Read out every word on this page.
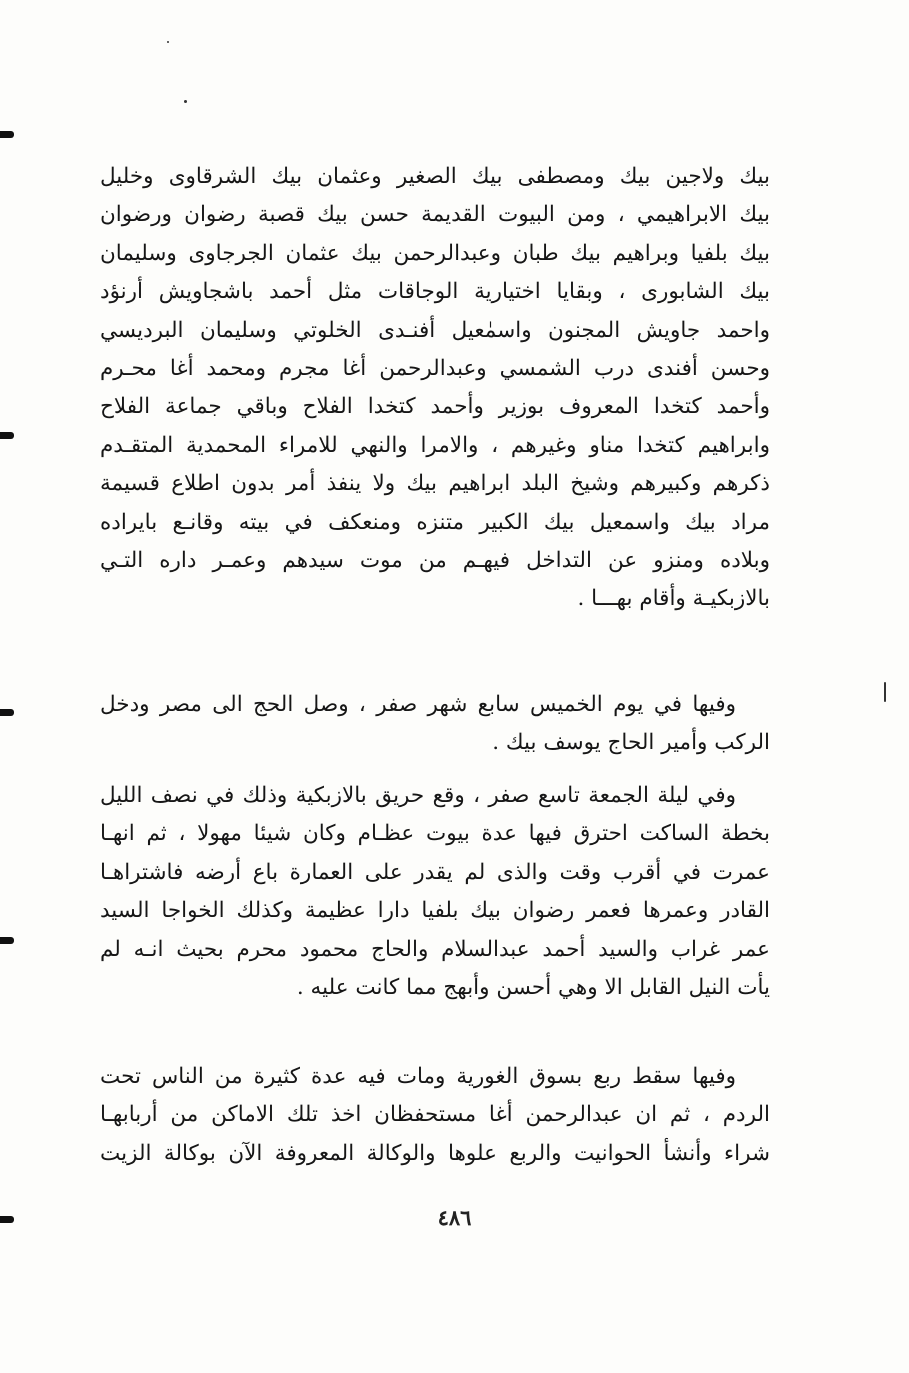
بيك ولاجين بيك ومصطفى بيك الصغير وعثمان بيك الشرقاوى وخليل
بيك الابراهيمي ، ومن البيوت القديمة حسن بيك قصبة رضوان ورضوان
بيك بلفيا وبراهيم بيك طبان وعبدالرحمن بيك عثمان الجرجاوى وسليمان
بيك الشابورى ، وبقايا اختيارية الوجاقات مثل أحمد باشجاويش أرنؤد
واحمد جاويش المجنون واسمٰعيل أفنـدى الخلوتي وسليمان البرديسي
وحسن أفندى درب الشمسي وعبدالرحمن أغا مجرم ومحمد أغا محـرم
وأحمد كتخدا المعروف بوزير وأحمد كتخدا الفلاح وباقي جماعة الفلاح
وابراهيم كتخدا مناو وغيرهم ، والامرا والنهي للامراء المحمدية المتقـدم
ذكرهم وكبيرهم وشيخ البلد ابراهيم بيك ولا ينفذ أمر بدون اطلاع قسيمة
مراد بيك واسمعيل بيك الكبير متنزه ومنعكف في بيته وقانـع بايراده
وبلاده ومنزو عن التداخل فيهـم من موت سيدهم وعمـر داره التـي
بالازبكيـة وأقام بهـــا .
وفيها في يوم الخميس سابع شهر صفر ، وصل الحج الى مصر ودخل
الركب وأمير الحاج يوسف بيك .
وفي ليلة الجمعة تاسع صفر ، وقع حريق بالازبكية وذلك في نصف الليل
بخطة الساكت احترق فيها عدة بيوت عظـام وكان شيئا مهولا ، ثم انهـا
عمرت في أقرب وقت والذى لم يقدر على العمارة باع أرضه فاشتراهـا
القادر وعمرها فعمر رضوان بيك بلفيا دارا عظيمة وكذلك الخواجا السيد
عمر غراب والسيد أحمد عبدالسلام والحاج محمود محرم بحيث انـه لم
يأت النيل القابل الا وهي أحسن وأبهج مما كانت عليه .
وفيها سقط ربع بسوق الغورية ومات فيه عدة كثيرة من الناس تحت
الردم ، ثم ان عبدالرحمن أغا مستحفظان اخذ تلك الاماكن من أربابهـا
شراء وأنشأ الحوانيت والربع علوها والوكالة المعروفة الآن بوكالة الزيت
٤٨٦
